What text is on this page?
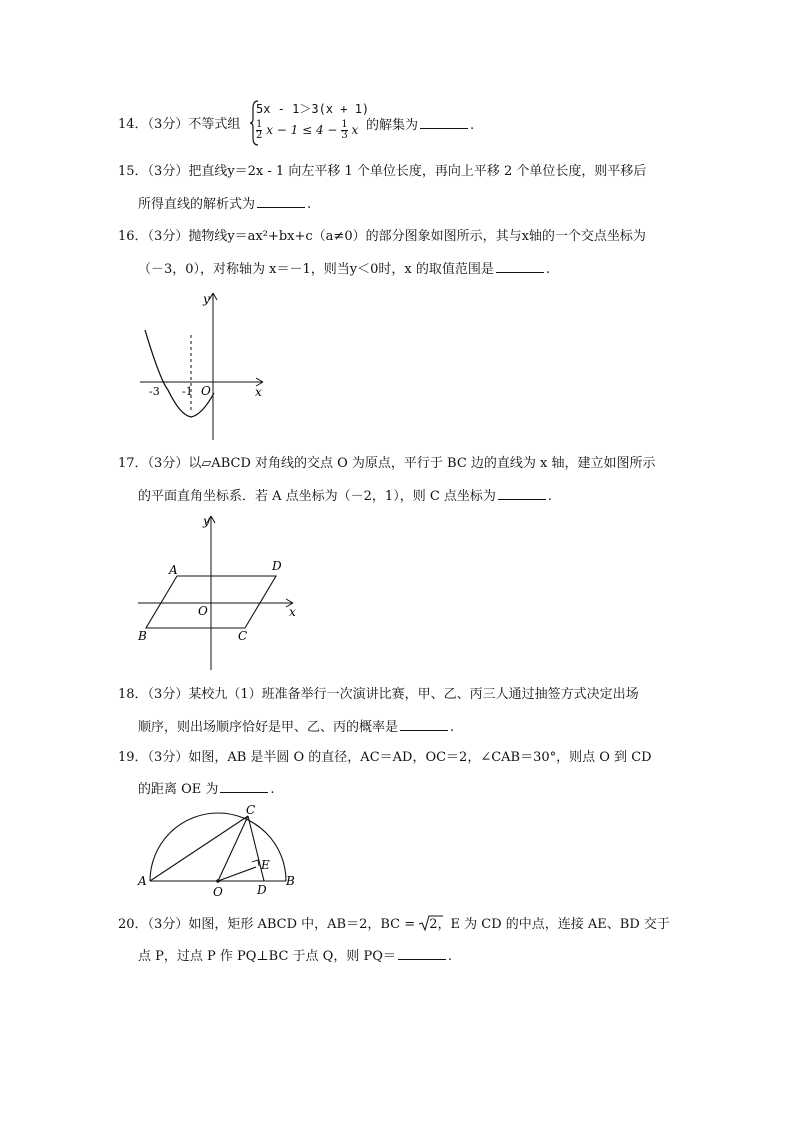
14．（3分）不等式组
5x - 1＞3(x + 1)
$\frac{1}{2}$ $x - 1 \le 4 - \frac{1}{3}$ x 的解集为	.
15．（3分）把直线y＝2x - 1 向左平移 1 个单位长度，再向上平移 2 个单位长度，则平移后
所得直线的解析式为	.
16．（3分）抛物线y＝ax²+bx+c（a≠0）的部分图象如图所示，其与x轴的一个交点坐标为
（－3，0），对称轴为 x＝－1，则当y＜0时，x 的取值范围是	.
y
x
O
-3 -1
17．（3分）以▱ABCD 对角线的交点 O 为原点，平行于 BC 边的直线为 x 轴，建立如图所示
的平面直角坐标系．若 A 点坐标为（－2，1），则 C 点坐标为	.
y
x
O
A	D
B	C
18．（3分）某校九（1）班准备举行一次演讲比赛，甲、乙、丙三人通过抽签方式决定出场
顺序，则出场顺序恰好是甲、乙、丙的概率是	.
19．（3分）如图，AB 是半圆 O 的直径，AC＝AD，OC＝2，∠CAB＝30°，则点 O 到 CD
的距离 OE 为	.
A	B
C
D
E
O
20．（3分）如图，矩形 ABCD 中，AB＝2，BC = 2，E 为 CD 的中点，连接 AE、BD 交于
点 P，过点 P 作 PQ⊥BC 于点 Q，则 PQ＝	.
